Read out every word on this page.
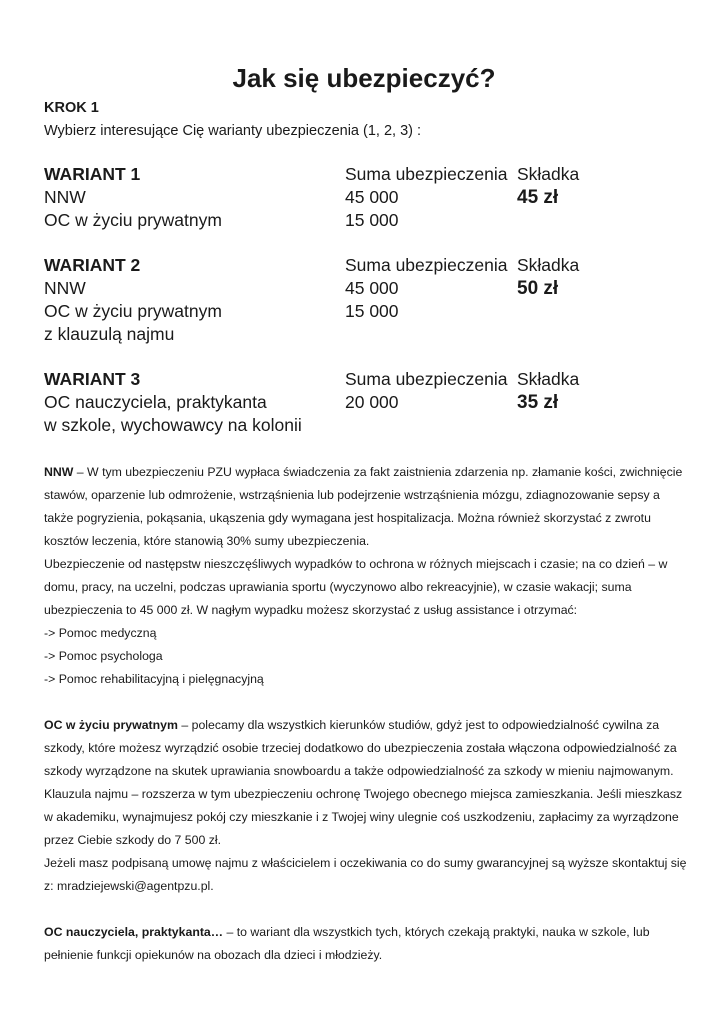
Jak się ubezpieczyć?
KROK 1
Wybierz interesujące Cię warianty ubezpieczenia (1, 2, 3) :
WARIANT 1	Suma ubezpieczenia Składka
NNW	45 000	45 zł
OC w życiu prywatnym	15 000
WARIANT 2	Suma ubezpieczenia Składka
NNW	45 000	50 zł
OC w życiu prywatnym	15 000
z klauzulą najmu
WARIANT 3	Suma ubezpieczenia Składka
OC nauczyciela, praktykanta	20 000	35 zł
w szkole, wychowawcy na kolonii

NNW – W tym ubezpieczeniu PZU wypłaca świadczenia za fakt zaistnienia zdarzenia np. złamanie kości, zwichnięcie stawów, oparzenie lub odmrożenie, wstrząśnienia lub podejrzenie wstrząśnienia mózgu, zdiagnozowanie sepsy a także pogryzienia, pokąsania, ukąszenia gdy wymagana jest hospitalizacja. Można również skorzystać z zwrotu kosztów leczenia, które stanowią 30% sumy ubezpieczenia.

Ubezpieczenie od następstw nieszczęśliwych wypadków to ochrona w różnych miejscach i czasie; na co dzień – w domu, pracy, na uczelni, podczas uprawiania sportu (wyczynowo albo rekreacyjnie), w czasie wakacji; suma ubezpieczenia to 45 000 zł. W nagłym wypadku możesz skorzystać z usług assistance i otrzymać:

-> Pomoc medyczną

-> Pomoc psychologa

-> Pomoc rehabilitacyjną i pielęgnacyjną

OC w życiu prywatnym – polecamy dla wszystkich kierunków studiów, gdyż jest to odpowiedzialność cywilna za szkody, które możesz wyrządzić osobie trzeciej dodatkowo do ubezpieczenia została włączona odpowiedzialność za szkody wyrządzone na skutek uprawiania snowboardu a także odpowiedzialność za szkody w mieniu najmowanym.

Klauzula najmu – rozszerza w tym ubezpieczeniu ochronę Twojego obecnego miejsca zamieszkania. Jeśli mieszkasz w akademiku, wynajmujesz pokój czy mieszkanie i z Twojej winy ulegnie coś uszkodzeniu, zapłacimy za wyrządzone przez Ciebie szkody do 7 500 zł.

Jeżeli masz podpisaną umowę najmu z właścicielem i oczekiwania co do sumy gwarancyjnej są wyższe skontaktuj się z: mradziejewski@agentpzu.pl.

OC nauczyciela, praktykanta… – to wariant dla wszystkich tych, których czekają praktyki, nauka w szkole, lub pełnienie funkcji opiekunów na obozach dla dzieci i młodzieży.
